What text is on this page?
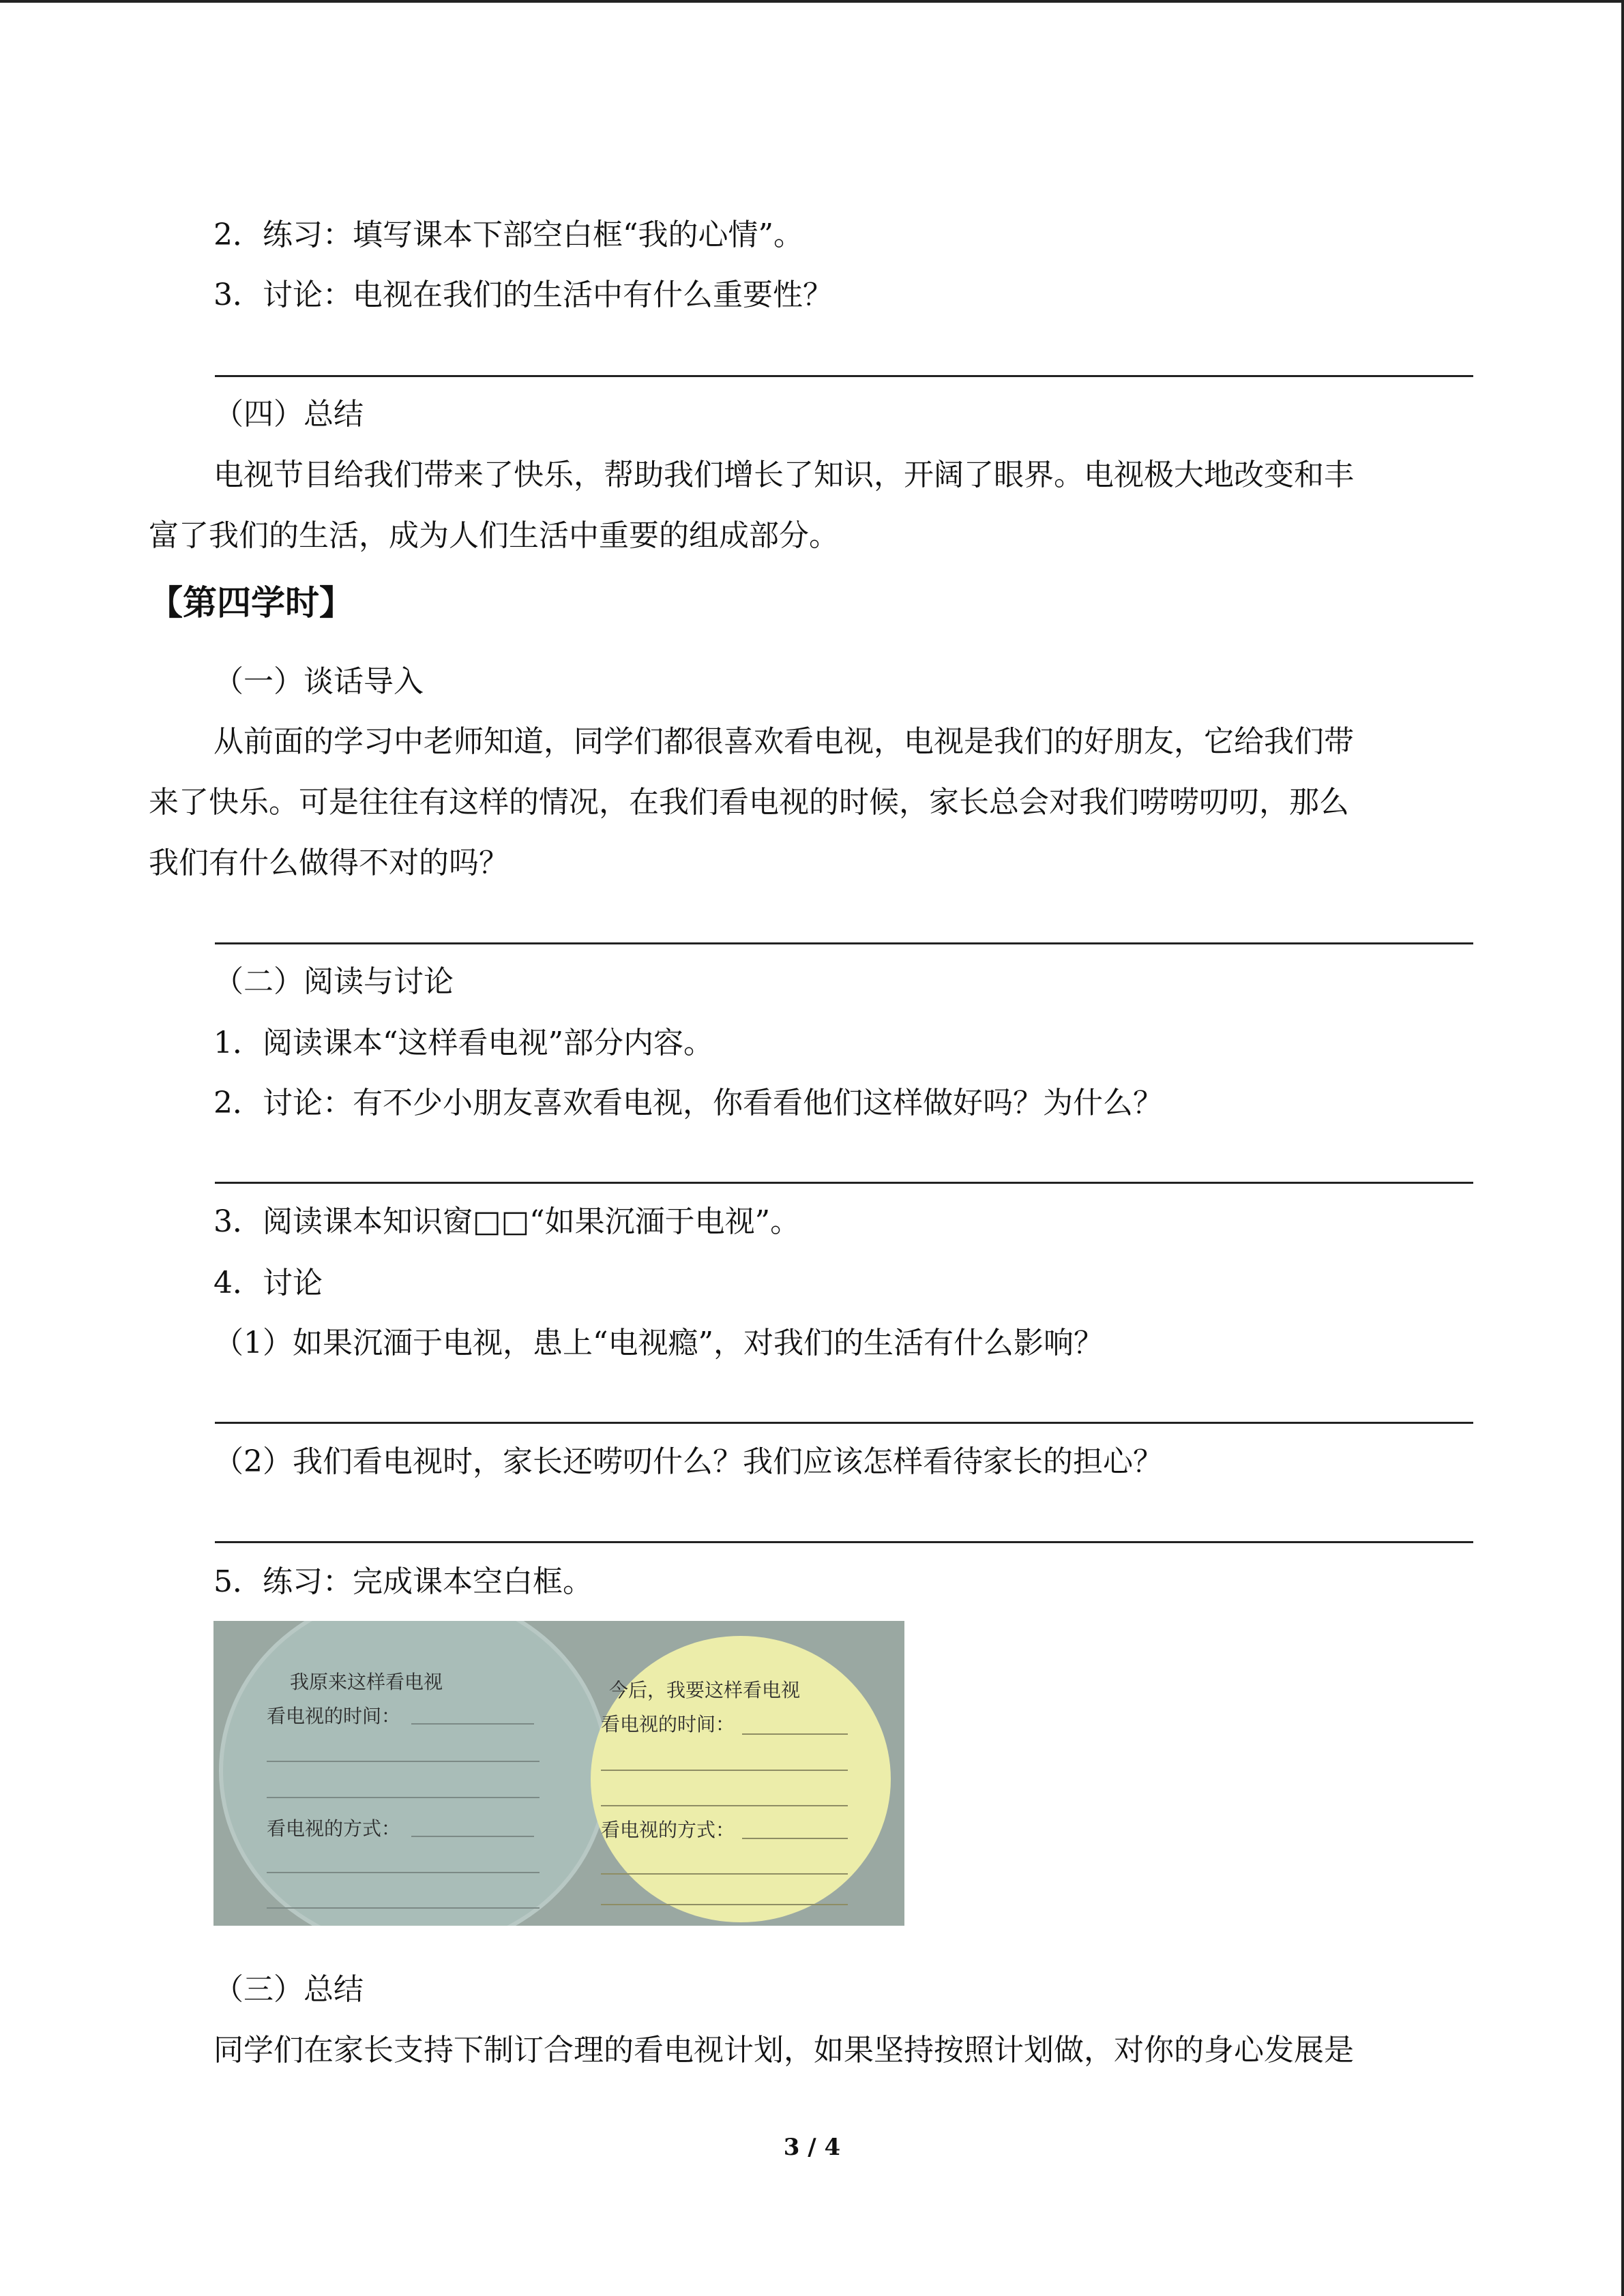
2．练习：填写课本下部空白框“我的心情”。
3．讨论：电视在我们的生活中有什么重要性？
（四）总结
电视节目给我们带来了快乐，帮助我们增长了知识，开阔了眼界。电视极大地改变和丰
富了我们的生活，成为人们生活中重要的组成部分。
【第四学时】
（一）谈话导入
从前面的学习中老师知道，同学们都很喜欢看电视，电视是我们的好朋友，它给我们带
来了快乐。可是往往有这样的情况，在我们看电视的时候，家长总会对我们唠唠叨叨，那么
我们有什么做得不对的吗？
（二）阅读与讨论
1．阅读课本“这样看电视”部分内容。
2．讨论：有不少小朋友喜欢看电视，你看看他们这样做好吗？为什么？
3．阅读课本知识窗□□“如果沉湎于电视”。
4．讨论
（1）如果沉湎于电视，患上“电视瘾”，对我们的生活有什么影响？
（2）我们看电视时，家长还唠叨什么？我们应该怎样看待家长的担心？
5．练习：完成课本空白框。
我原来这样看电视
看电视的时间：
看电视的方式：
今后，我要这样看电视
看电视的时间：
看电视的方式：
（三）总结
同学们在家长支持下制订合理的看电视计划，如果坚持按照计划做，对你的身心发展是
3 / 4
